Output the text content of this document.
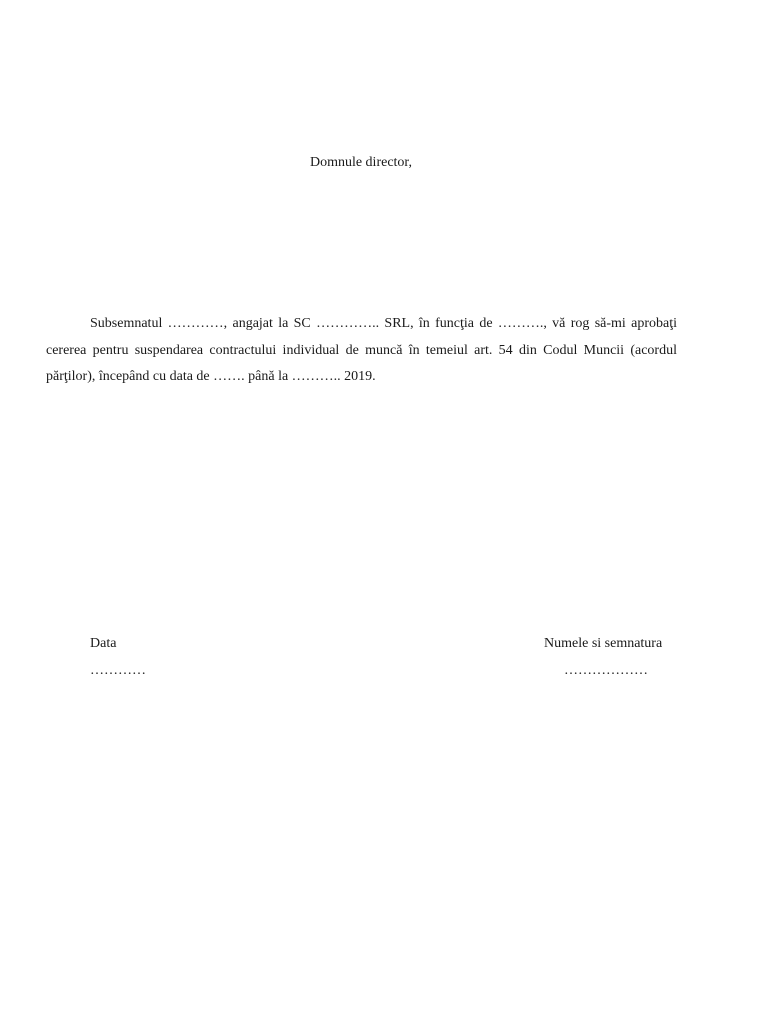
Domnule director,

Subsemnatul …………, angajat la SC ………….. SRL, în funcţia de ………., vă rog să-mi aprobaţi cererea pentru suspendarea contractului individual de muncă în temeiul art. 54 din Codul Muncii (acordul părţilor), începând cu data de ……. până la ……….. 2019.

Data
…………
Numele si semnatura
………………
